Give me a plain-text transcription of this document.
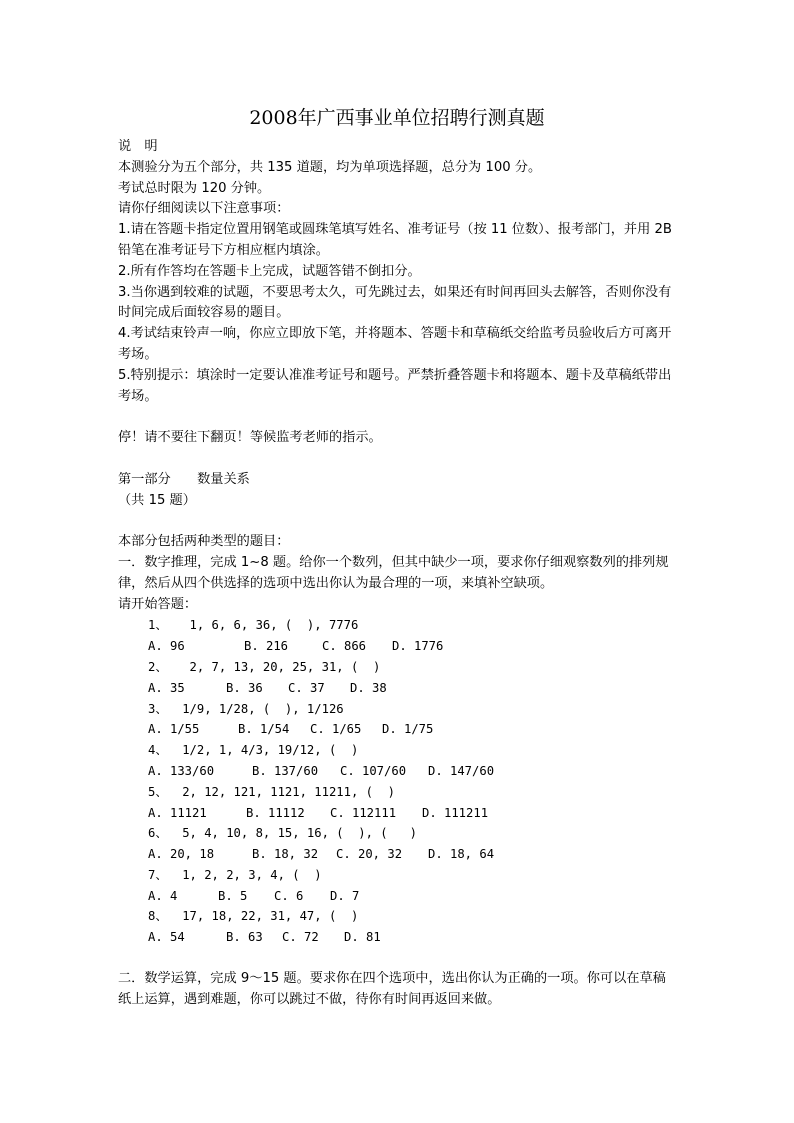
2008年广西事业单位招聘行测真题

说　明

本测验分为五个部分，共 135 道题，均为单项选择题，总分为 100 分。

考试总时限为 120 分钟。

请你仔细阅读以下注意事项：

1.请在答题卡指定位置用钢笔或圆珠笔填写姓名、准考证号（按 11 位数）、报考部门，并用 2B 铅笔在准考证号下方相应框内填涂。

2.所有作答均在答题卡上完成，试题答错不倒扣分。

3.当你遇到较难的试题，不要思考太久，可先跳过去，如果还有时间再回头去解答，否则你没有时间完成后面较容易的题目。

4.考试结束铃声一响，你应立即放下笔，并将题本、答题卡和草稿纸交给监考员验收后方可离开考场。

5.特别提示：填涂时一定要认准准考证号和题号。严禁折叠答题卡和将题本、题卡及草稿纸带出考场。

停！请不要往下翻页！等候监考老师的指示。

第一部分　　数量关系

（共 15 题）

本部分包括两种类型的题目：

一．数字推理，完成 1~8 题。给你一个数列，但其中缺少一项，要求你仔细观察数列的排列规律，然后从四个供选择的选项中选出你认为最合理的一项，来填补空缺项。

请开始答题：

1、   1, 6, 6, 36, (  ), 7776
A. 96	B. 216	C. 866 D. 1776
2、   2, 7, 13, 20, 25, 31, (  )
A. 35	B. 36 C. 37 D. 38
3、  1/9, 1/28, (  ), 1/126
A. 1/55	B. 1/54 C. 1/65 D. 1/75
4、  1/2, 1, 4/3, 19/12, (  )
A. 133/60	B. 137/60 C. 107/60 D. 147/60
5、  2, 12, 121, 1121, 11211, (  )
A. 11121	B. 11112 C. 112111 D. 111211
6、  5, 4, 10, 8, 15, 16, (  ), (   )
A. 20, 18	B. 18, 32 C. 20, 32 D. 18, 64
7、  1, 2, 2, 3, 4, (  )
A. 4	B. 5 C. 6 D. 7
8、  17, 18, 22, 31, 47, (  )
A. 54	B. 63 C. 72 D. 81

二．数学运算，完成 9～15 题。要求你在四个选项中，选出你认为正确的一项。你可以在草稿纸上运算，遇到难题，你可以跳过不做，待你有时间再返回来做。
